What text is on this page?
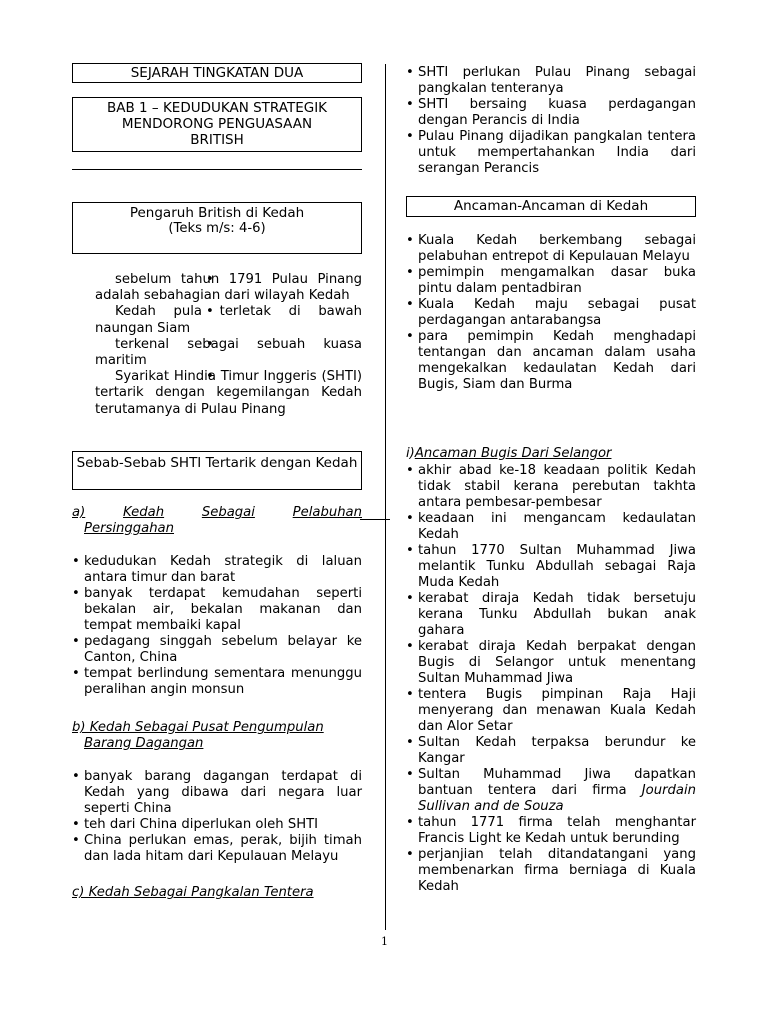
SEJARAH TINGKATAN DUA
BAB 1 – KEDUDUKAN STRATEGIK
MENDORONG PENGUASAAN
BRITISH
Pengaruh British di Kedah
(Teks m/s: 4-6)

• sebelum tahun 1791 Pulau Pinang adalah sebahagian dari wilayah Kedah

• Kedah pula terletak di bawah naungan Siam

• terkenal sebagai sebuah kuasa maritim

• Syarikat Hindia Timur Inggeris (SHTI) tertarik dengan kegemilangan Kedah terutamanya di Pulau Pinang

Sebab-Sebab SHTI Tertarik dengan Kedah
a)	Kedah	Sebagai	Pelabuhan
Persinggahan
• kedudukan Kedah strategik di laluan antara timur dan barat
• banyak terdapat kemudahan seperti bekalan air, bekalan makanan dan tempat membaiki kapal
• pedagang singgah sebelum belayar ke Canton, China
• tempat berlindung sementara menunggu peralihan angin monsun
b) Kedah Sebagai Pusat Pengumpulan
Barang Dagangan
• banyak barang dagangan terdapat di Kedah yang dibawa dari negara luar seperti China
• teh dari China diperlukan oleh SHTI
• China perlukan emas, perak, bijih timah dan lada hitam dari Kepulauan Melayu
c) Kedah Sebagai Pangkalan Tentera
• SHTI perlukan Pulau Pinang sebagai pangkalan tenteranya
• SHTI bersaing kuasa perdagangan dengan Perancis di India
• Pulau Pinang dijadikan pangkalan tentera untuk mempertahankan India dari serangan Perancis
Ancaman-Ancaman di Kedah
• Kuala Kedah berkembang sebagai pelabuhan entrepot di Kepulauan Melayu
• pemimpin mengamalkan dasar buka pintu dalam pentadbiran
• Kuala Kedah maju sebagai pusat perdagangan antarabangsa
• para pemimpin Kedah menghadapi tentangan dan ancaman dalam usaha mengekalkan kedaulatan Kedah dari Bugis, Siam dan Burma
i)Ancaman Bugis Dari Selangor
• akhir abad ke-18 keadaan politik Kedah tidak stabil kerana perebutan takhta antara pembesar-pembesar
• keadaan ini mengancam kedaulatan Kedah
• tahun 1770 Sultan Muhammad Jiwa melantik Tunku Abdullah sebagai Raja Muda Kedah
• kerabat diraja Kedah tidak bersetuju kerana Tunku Abdullah bukan anak gahara
• kerabat diraja Kedah berpakat dengan Bugis di Selangor untuk menentang Sultan Muhammad Jiwa
• tentera Bugis pimpinan Raja Haji menyerang dan menawan Kuala Kedah dan Alor Setar
• Sultan Kedah terpaksa berundur ke Kangar
• Sultan Muhammad Jiwa dapatkan bantuan tentera dari firma Jourdain Sullivan and de Souza
• tahun 1771 firma telah menghantar Francis Light ke Kedah untuk berunding
• perjanjian telah ditandatangani yang membenarkan firma berniaga di Kuala Kedah
1
